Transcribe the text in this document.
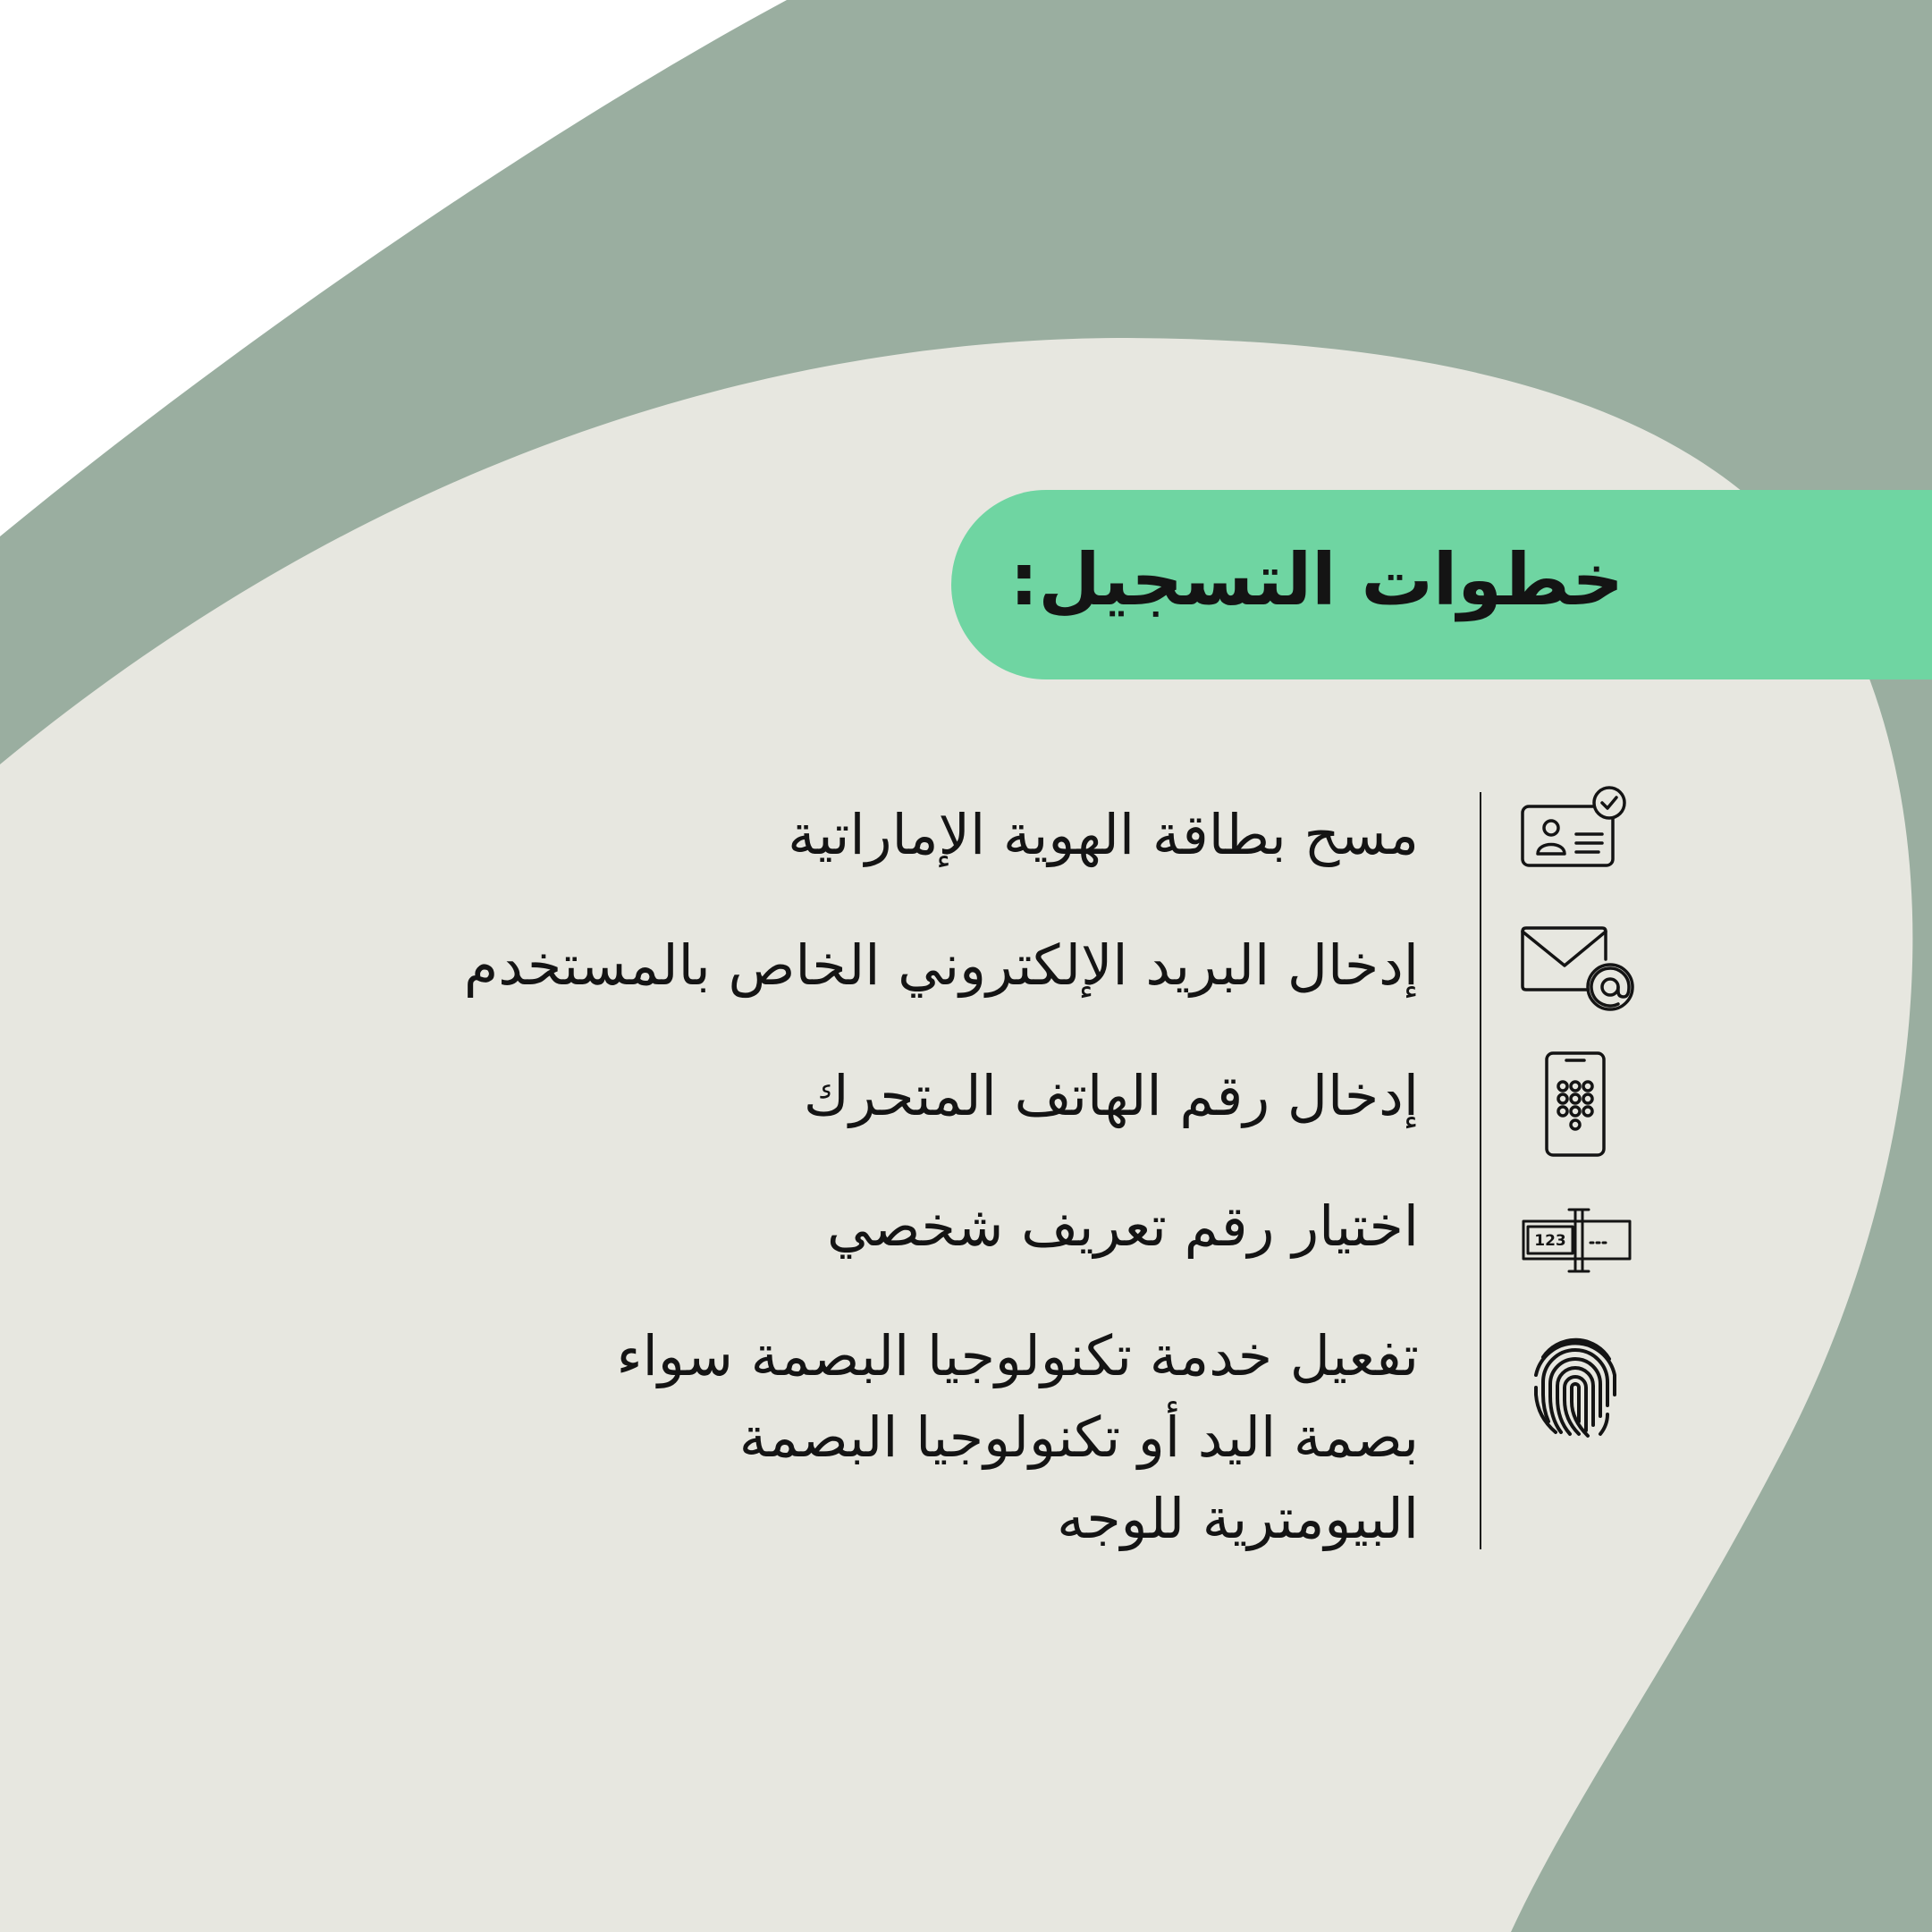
خطوات التسجيل:
مسح بطاقة الهوية الإماراتية
إدخال البريد الإلكتروني الخاص بالمستخدم
إدخال رقم الهاتف المتحرك
اختيار رقم تعريف شخصي	123
تفعيل خدمة تكنولوجيا البصمة سواء
بصمة اليد أو تكنولوجيا البصمة
البيومترية للوجه
